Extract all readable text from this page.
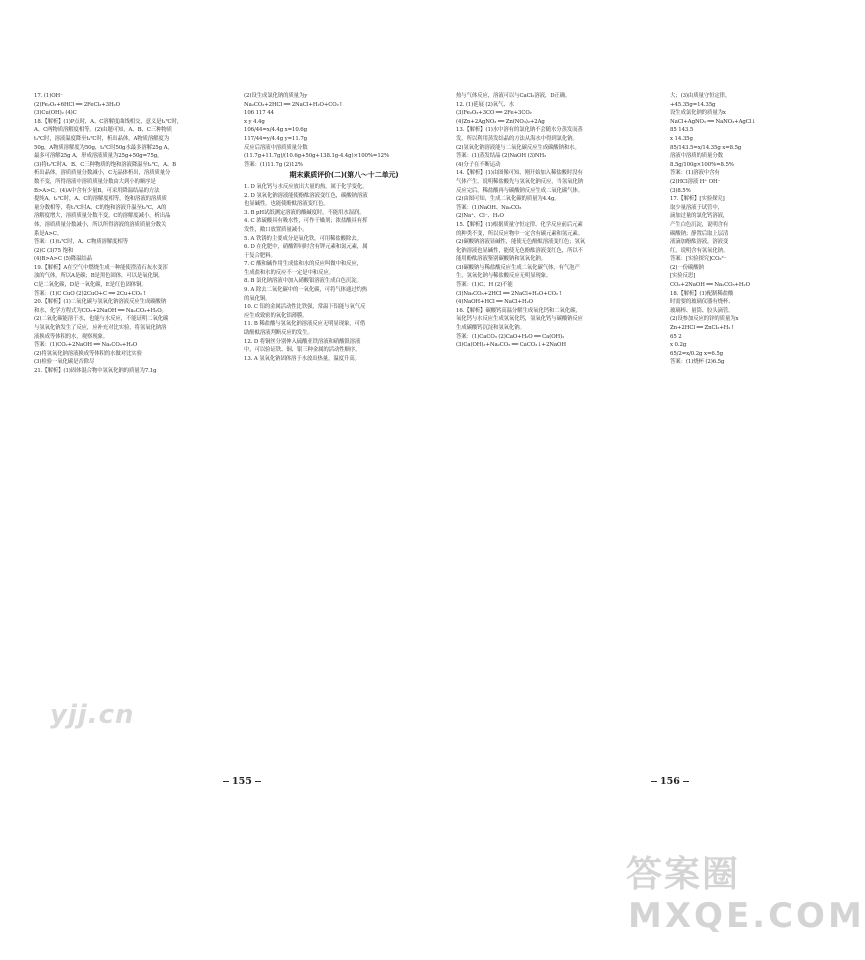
17. (1)OH⁻

(2)Fe₂O₃+6HCl ══ 2FeCl₃+3H₂O

(3)Cu(OH)₂ (4)C

18.【解析】(1)P点时，A、C溶解度曲线相交，意义是t₁℃时，

A、C两物质溶解度相等。(2)由题可知，A、B、C三种物质

t₂℃时，溶液温度降至t₁℃时，析出晶体，A物质溶解度为

50g，A物质溶解度为50g，t₂℃时50g水最多溶解25g A，

最多可溶解25g A，形成溶液质量为25g+50g=75g。

(3)将t₂℃时A、B、C三种物质的饱和溶液降温至t₁℃，A、B

析出晶体，溶质质量分数减小，C无晶体析出，溶质质量分

数不变，所得溶液中溶质质量分数由大到小的顺序是

B>A>C。(4)A中含有少量B，可采用降温结晶的方法

提纯A。t₁℃时，A、C的溶解度相等，饱和溶液的溶质质

量分数相等，将t₁℃时A、C的饱和溶液升温至t₂℃，A的

溶解度增大，溶质质量分数不变，C的溶解度减小，析出晶

体，溶质质量分数减小，所以所得溶液的溶质质量分数关

系是A>C。

答案：(1)t₁℃时，A、C物质溶解度相等

(2)C (3)75 饱和

(4)B>A>C (5)降温结晶

19.【解析】A在空气中燃烧生成一种能使澄清石灰水变浑

浊的气体，所以A是碳；B是黑色固体，可以是氧化铜，

C是二氧化碳，D是一氧化碳，E是红色固体铜。

答案：(1)C CuO (2)2CuO+C ══ 2Cu+CO₂↑

20.【解析】(1)二氧化碳与氢氧化钠溶液反应生成碳酸钠

和水，化学方程式为CO₂+2NaOH ══ Na₂CO₃+H₂O。

(2)二氧化碳能溶于水，也能与水反应，不能证明二氧化碳

与氢氧化钠发生了反应，应补充对比实验，将氢氧化钠溶

液换成等体积的水，观察现象。

答案：(1)CO₂+2NaOH ══ Na₂CO₃+H₂O

(2)将氢氧化钠溶液换成等体积的水做对比实验

(3)检验一氧化碳是否除尽

21.【解析】(1)固体混合物中氢氧化钠的质量为7.1g

(2)设生成氯化钠的质量为y

Na₂CO₃+2HCl ══ 2NaCl+H₂O+CO₂↑

106 117 44

x y 4.4g

106/44=x/4.4g x=10.6g

117/44=y/4.4g y=11.7g

反应后溶液中溶质质量分数

(11.7g+11.7g)/(10.6g+50g+138.1g-4.4g)×100%=12%

答案：(1)11.7g (2)12%

期末素质评价(二)(第八～十二单元)

1. D 氧化钙与水反应放出大量的热，属于化学变化。

2. D 氢氧化钠溶液能使酚酞溶液变红色，碳酸钠溶液

也显碱性，也能使酚酞溶液变红色。

3. B pH试纸测定溶液的酸碱度时，不能用水湿润。

4. C 浓硫酸具有吸水性，可作干燥剂；浓盐酸具有挥

发性，敞口放置质量减小。

5. A 铁锈的主要成分是氧化铁，可用稀盐酸除去。

6. D 在化肥中，硝酸钾同时含有钾元素和氮元素，属

于复合肥料。

7. C 酸和碱作用生成盐和水的反应叫做中和反应，

生成盐和水的反应不一定是中和反应。

8. B 氯化钠溶液中加入硝酸银溶液生成白色沉淀。

9. A 除去二氧化碳中的一氧化碳，可将气体通过灼热

的氧化铜。

10. C 铝的金属活动性比铁强，常温下铝能与氧气反

应生成致密的氧化铝薄膜。

11. B 稀盐酸与氢氧化钠溶液反应无明显现象，可借

助酚酞溶液判断反应的发生。

12. D 将铜丝分别伸入硫酸亚铁溶液和硝酸银溶液

中，可以验证铁、铜、银三种金属的活动性顺序。

13. A 氢氧化钠固体溶于水放出热量，温度升高。

热与气体反应，溶液可以与CaCl₂溶液，D正确。

12. (1)延展 (2)氧气、水

(3)Fe₂O₃+3CO ══ 2Fe+3CO₂

(4)Zn+2AgNO₃ ══ Zn(NO₃)₂+2Ag

13.【解析】(1)水中溶有的氯化钠不会随水分蒸发而蒸

发，所以利用蒸发结晶的方法从海水中得到氯化钠。

(2)氢氧化钠溶液能与二氧化碳反应生成碳酸钠和水。

答案：(1)蒸发结晶 (2)NaOH (3)NH₃

(4)分子在不断运动

14.【解析】(1)由图像可知，刚开始加入稀盐酸时没有

气体产生，说明稀盐酸先与氢氧化钠反应，当氢氧化钠

反应完后，稀盐酸再与碳酸钠反应生成二氧化碳气体。

(2)由图可知，生成二氧化碳的质量为4.4g。

答案：(1)NaOH、Na₂CO₃

(2)Na⁺、Cl⁻、H₂O

15.【解析】(1)根据质量守恒定律，化学反应前后元素

的种类不变，所以反应物中一定含有碳元素和氢元素。

(2)碳酸钠溶液显碱性，能使无色酚酞溶液变红色；氢氧

化钠溶液也显碱性，能使无色酚酞溶液变红色，所以不

能用酚酞溶液鉴别碳酸钠和氢氧化钠。

(3)碳酸钠与稀盐酸反应生成二氧化碳气体，有气泡产

生，氢氧化钠与稀盐酸反应无明显现象。

答案：(1)C、H (2)不能

(3)Na₂CO₃+2HCl ══ 2NaCl+H₂O+CO₂↑

(4)NaOH+HCl ══ NaCl+H₂O

16.【解析】碳酸钙高温分解生成氧化钙和二氧化碳，

氧化钙与水反应生成氢氧化钙，氢氧化钙与碳酸钠反应

生成碳酸钙沉淀和氢氧化钠。

答案：(1)CaCO₃ (2)CaO+H₂O ══ Ca(OH)₂

(3)Ca(OH)₂+Na₂CO₃ ══ CaCO₃↓+2NaOH

大；(3)由质量守恒定律，

+45.35g=14.35g

设生成氯化钠的质量为x

NaCl+AgNO₃ ══ NaNO₃+AgCl↓

85 143.5

x 14.35g

85/143.5=x/14.35g x=8.5g

溶液中溶质的质量分数

8.5g/100g×100%=8.5%

答案：(1)溶液中含有

(2)HCl溶液 H⁺ OH⁻

(3)8.5%

17.【解析】[实验探究]

取少量溶液于试管中，

滴加过量的氯化钙溶液，

产生白色沉淀，说明含有

碳酸钠；静置后取上层清

液滴加酚酞溶液，溶液变

红，说明含有氢氧化钠。

答案：[实验探究]CO₃²⁻

(2)一份碳酸钠

[实验反思]

CO₂+2NaOH ══ Na₂CO₃+H₂O

18.【解析】(1)配制稀盐酸

时需要的玻璃仪器有烧杯、

玻璃棒、量筒、胶头滴管。

(2)设参加反应的锌的质量为x

Zn+2HCl ══ ZnCl₂+H₂↑

65 2

x 0.2g

65/2=x/0.2g x=6.5g

答案：(1)烧杯 (2)6.5g

155	156
yjj.cn
答案圈
MXQE.COM
